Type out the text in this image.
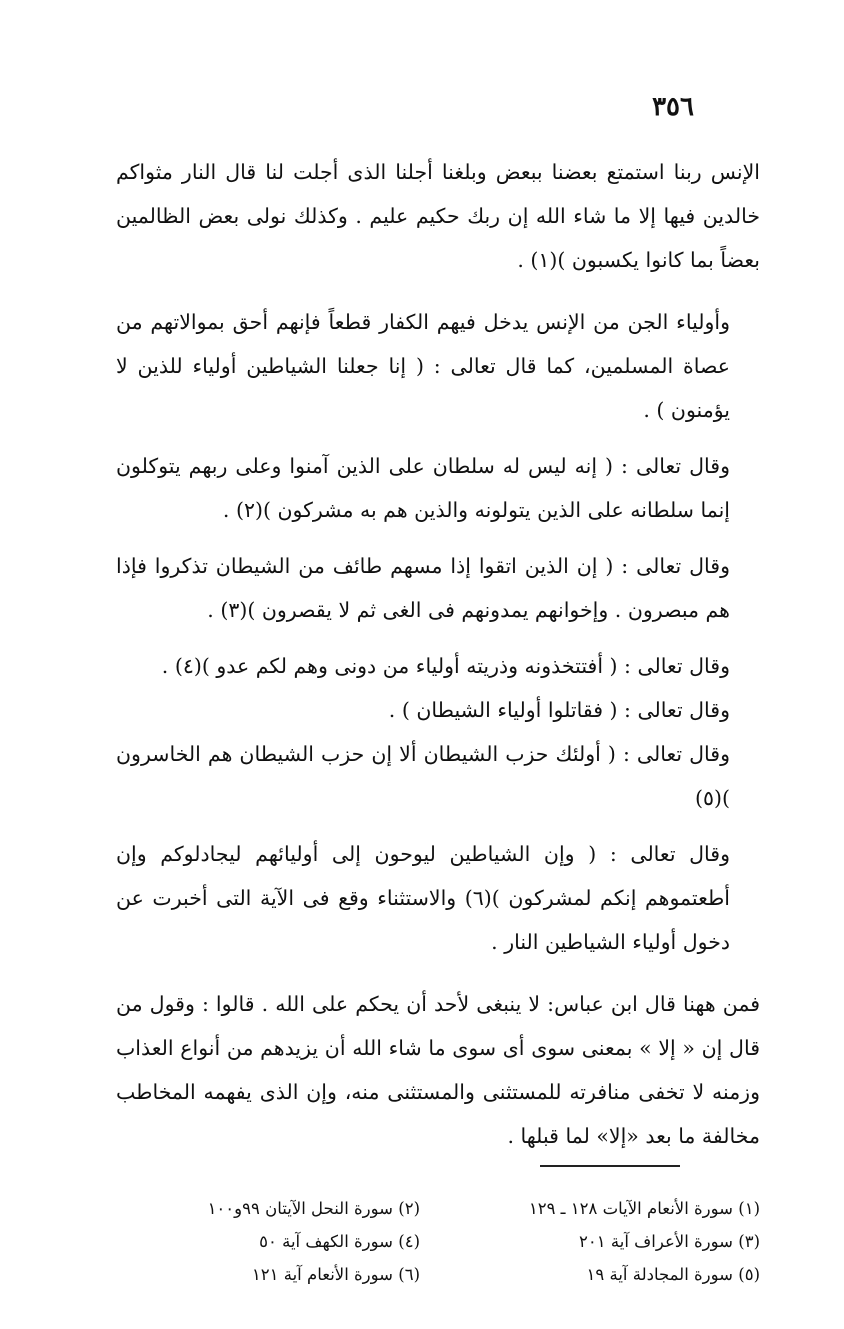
٣٥٦

الإنس ربنا استمتع بعضنا ببعض وبلغنا أجلنا الذى أجلت لنا قال النار مثواكم خالدين فيها إلا ما شاء الله إن ربك حكيم عليم . وكذلك نولى بعض الظالمين بعضاً بما كانوا يكسبون )(١) .

وأولياء الجن من الإنس يدخل فيهم الكفار قطعاً فإنهم أحق بموالاتهم من عصاة المسلمين، كما قال تعالى : ( إنا جعلنا الشياطين أولياء للذين لا يؤمنون ) .

وقال تعالى : ( إنه ليس له سلطان على الذين آمنوا وعلى ربهم يتوكلون إنما سلطانه على الذين يتولونه والذين هم به مشركون )(٢) .

وقال تعالى : ( إن الذين اتقوا إذا مسهم طائف من الشيطان تذكروا فإذا هم مبصرون . وإخوانهم يمدونهم فى الغى ثم لا يقصرون )(٣) .

وقال تعالى : ( أفتتخذونه وذريته أولياء من دونى وهم لكم عدو )(٤) .

وقال تعالى : ( فقاتلوا أولياء الشيطان ) .

وقال تعالى : ( أولئك حزب الشيطان ألا إن حزب الشيطان هم الخاسرون )(٥)

وقال تعالى : ( وإن الشياطين ليوحون إلى أوليائهم ليجادلوكم وإن أطعتموهم إنكم لمشركون )(٦) والاستثناء وقع فى الآية التى أخبرت عن دخول أولياء الشياطين النار .

فمن ههنا قال ابن عباس: لا ينبغى لأحد أن يحكم على الله . قالوا : وقول من قال إن « إلا » بمعنى سوى أى سوى ما شاء الله أن يزيدهم من أنواع العذاب وزمنه لا تخفى منافرته للمستثنى والمستثنى منه، وإن الذى يفهمه المخاطب مخالفة ما بعد «إلا» لما قبلها .

(١) سورة الأنعام الآيات ١٢٨ ـ ١٢٩
(٢) سورة النحل الآيتان ٩٩و١٠٠
(٣) سورة الأعراف آية ٢٠١
(٤) سورة الكهف آية ٥٠
(٥) سورة المجادلة آية ١٩
(٦) سورة الأنعام آية ١٢١
